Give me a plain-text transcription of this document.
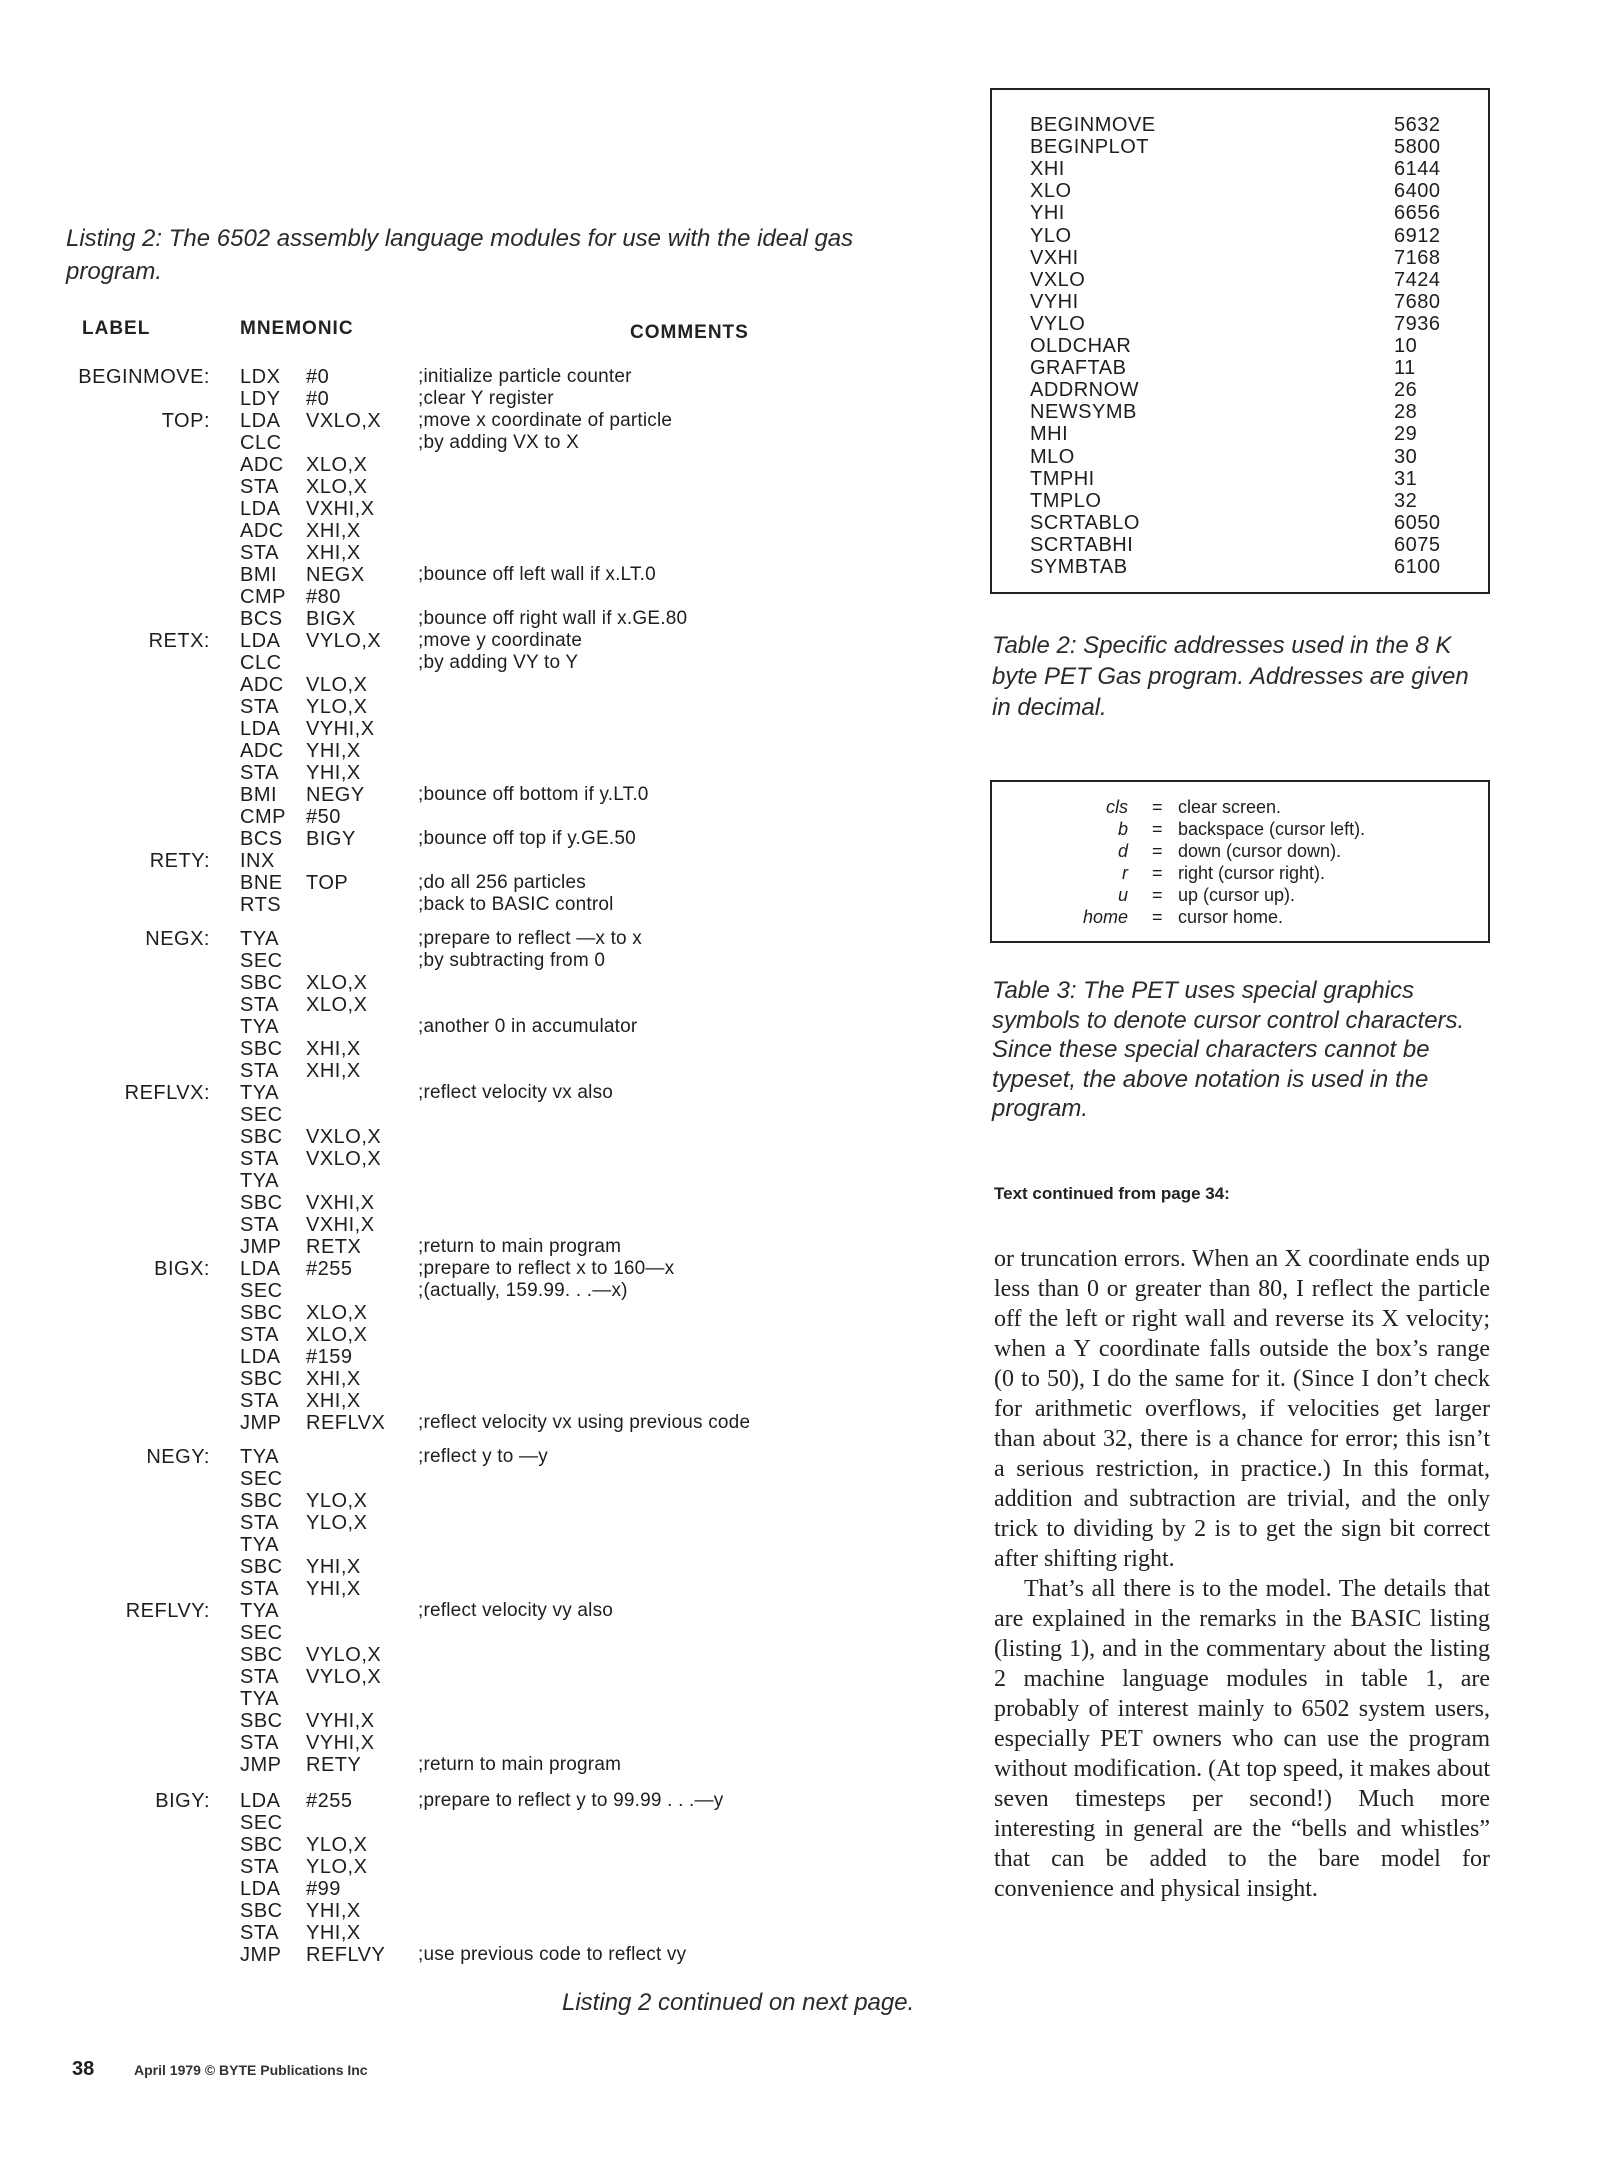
Listing 2: The 6502 assembly language modules for use with the ideal gas program.
LABEL	MNEMONIC	COMMENTS
BEGINMOVE: LDX #0	;initialize particle counter
LDY #0	;clear Y register
TOP: LDA VXLO,X ;move x coordinate of particle
CLC	;by adding VX to X
ADC XLO,X
STA XLO,X
LDA VXHI,X
ADC XHI,X
STA XHI,X
BMI NEGX	;bounce off left wall if x.LT.0
CMP #80
BCS BIGX	;bounce off right wall if x.GE.80
RETX: LDA VYLO,X ;move y coordinate
CLC	;by adding VY to Y
ADC VLO,X
STA YLO,X
LDA VYHI,X
ADC YHI,X
STA YHI,X
BMI NEGY	;bounce off bottom if y.LT.0
CMP #50
BCS BIGY	;bounce off top if y.GE.50
RETY: INX
BNE TOP	;do all 256 particles
RTS	;back to BASIC control
NEGX: TYA	;prepare to reflect —x to x
SEC	;by subtracting from 0
SBC XLO,X
STA XLO,X
TYA	;another 0 in accumulator
SBC XHI,X
STA XHI,X
REFLVX: TYA	;reflect velocity vx also
SEC
SBC VXLO,X
STA VXLO,X
TYA
SBC VXHI,X
STA VXHI,X
JMP RETX	;return to main program
BIGX: LDA #255	;prepare to reflect x to 160—x
SEC	;(actually, 159.99. . .—x)
SBC XLO,X
STA XLO,X
LDA #159
SBC XHI,X
STA XHI,X
JMP REFLVX ;reflect velocity vx using previous code
NEGY: TYA	;reflect y to —y
SEC
SBC YLO,X
STA YLO,X
TYA
SBC YHI,X
STA YHI,X
REFLVY: TYA	;reflect velocity vy also
SEC
SBC VYLO,X
STA VYLO,X
TYA
SBC VYHI,X
STA VYHI,X
JMP RETY	;return to main program
BIGY: LDA #255	;prepare to reflect y to 99.99 . . .—y
SEC
SBC YLO,X
STA YLO,X
LDA #99
SBC YHI,X
STA YHI,X
JMP REFLVY ;use previous code to reflect vy
Listing 2 continued on next page.
BEGINMOVE	5632
BEGINPLOT	5800
XHI	6144
XLO	6400
YHI	6656
YLO	6912
VXHI	7168
VXLO	7424
VYHI	7680
VYLO	7936
OLDCHAR	10
GRAFTAB	11
ADDRNOW	26
NEWSYMB	28
MHI	29
MLO	30
TMPHI	31
TMPLO	32
SCRTABLO	6050
SCRTABHI	6075
SYMBTAB	6100
Table 2: Specific addresses used in the 8 K byte PET Gas program. Addresses are given in decimal.
cls = clear screen.
b = backspace (cursor left).
d = down (cursor down).
r = right (cursor right).
u = up (cursor up).
home = cursor home.
Table 3: The PET uses special graphics symbols to denote cursor control characters. Since these special characters cannot be typeset, the above notation is used in the program.
Text continued from page 34:

or truncation errors. When an X coordinate ends up less than 0 or greater than 80, I reflect the particle off the left or right wall and reverse its X velocity; when a Y coordinate falls outside the box’s range (0 to 50), I do the same for it. (Since I don’t check for arithmetic overflows, if velocities get larger than about 32, there is a chance for error; this isn’t a serious restriction, in practice.) In this format, addition and subtraction are trivial, and the only trick to dividing by 2 is to get the sign bit correct after shifting right.

That’s all there is to the model. The details that are explained in the remarks in the BASIC listing (listing 1), and in the commentary about the listing 2 machine language modules in table 1, are probably of interest mainly to 6502 system users, especially PET owners who can use the program without modification. (At top speed, it makes about seven timesteps per second!) Much more interesting in general are the “bells and whistles” that can be added to the bare model for convenience and physical insight.

38	April 1979 © BYTE Publications Inc
